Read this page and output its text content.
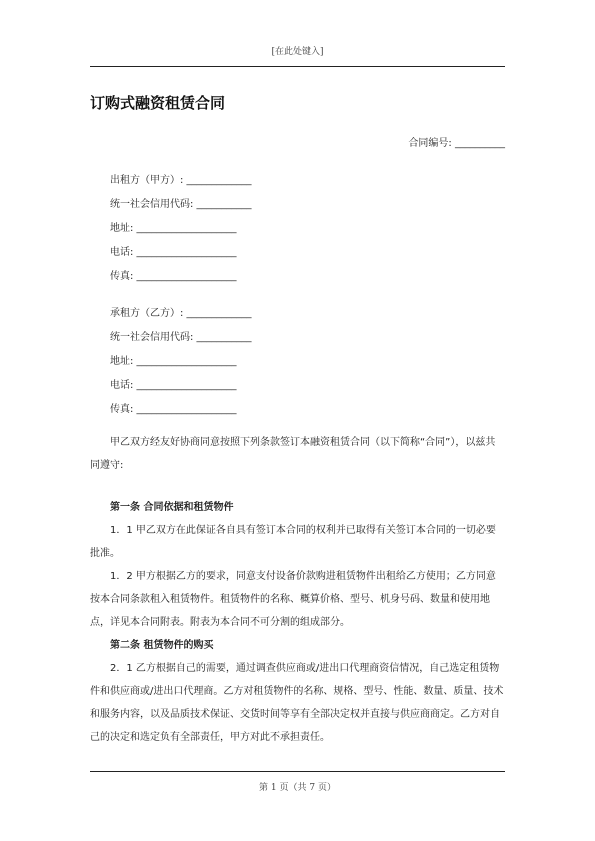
[在此处键入]
订购式融资租赁合同
合同编号: __________
出租方（甲方）: _____________
统一社会信用代码: ___________
地址: ____________________
电话: ____________________
传真: ____________________
承租方（乙方）: _____________
统一社会信用代码: ___________
地址: ____________________
电话: ____________________
传真: ____________________
甲乙双方经友好协商同意按照下列条款签订本融资租赁合同（以下简称“合同”），以兹共同遵守:
第一条 合同依据和租赁物件
1．1 甲乙双方在此保证各自具有签订本合同的权利并已取得有关签订本合同的一切必要批准。
1．2 甲方根据乙方的要求，同意支付设备价款购进租赁物件出租给乙方使用；乙方同意按本合同条款租入租赁物件。租赁物件的名称、概算价格、型号、机身号码、数量和使用地点，详见本合同附表。附表为本合同不可分割的组成部分。
第二条 租赁物件的购买
2．1 乙方根据自己的需要，通过调查供应商或/进出口代理商资信情况，自己选定租赁物件和供应商或/进出口代理商。乙方对租赁物件的名称、规格、型号、性能、数量、质量、技术和服务内容，以及品质技术保证、交货时间等享有全部决定权并直接与供应商商定。乙方对自己的决定和选定负有全部责任，甲方对此不承担责任。
第 1 页（共 7 页）
